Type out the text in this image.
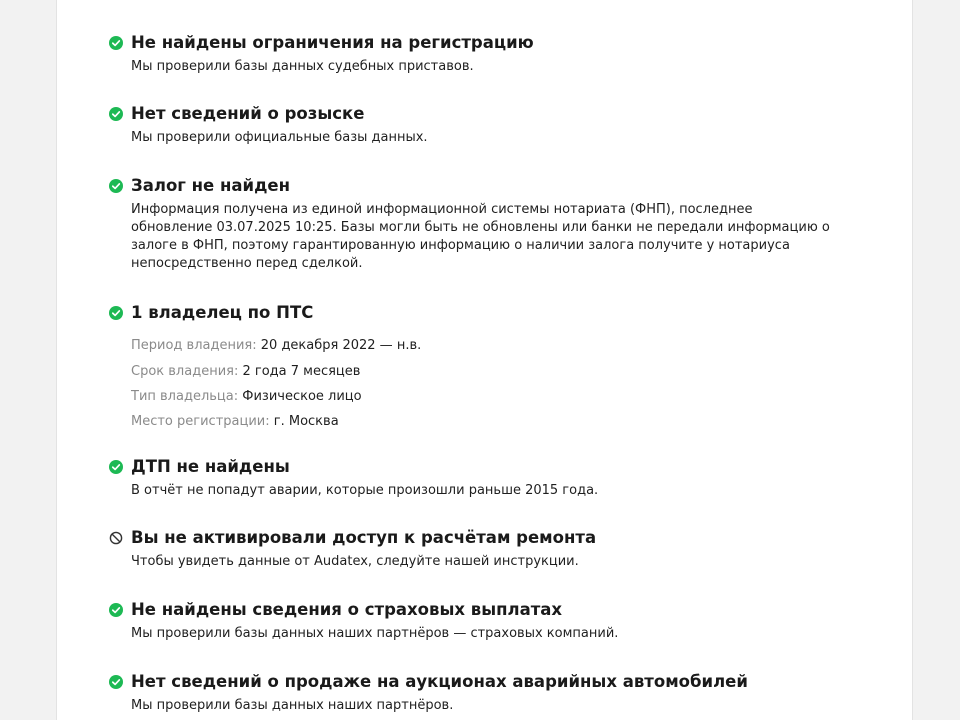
Не найдены ограничения на регистрацию
Мы проверили базы данных судебных приставов.
Нет сведений о розыске
Мы проверили официальные базы данных.
Залог не найден
Информация получена из единой информационной системы нотариата (ФНП), последнее обновление 03.07.2025 10:25. Базы могли быть не обновлены или банки не передали информацию о залоге в ФНП, поэтому гарантированную информацию о наличии залога получите у нотариуса непосредственно перед сделкой.
1 владелец по ПТС
Период владения: 20 декабря 2022 — н.в.
Срок владения: 2 года 7 месяцев
Тип владельца: Физическое лицо
Место регистрации: г. Москва
ДТП не найдены
В отчёт не попадут аварии, которые произошли раньше 2015 года.
Вы не активировали доступ к расчётам ремонта
Чтобы увидеть данные от Audatex, следуйте нашей инструкции.
Не найдены сведения о страховых выплатах
Мы проверили базы данных наших партнёров — страховых компаний.
Нет сведений о продаже на аукционах аварийных автомобилей
Мы проверили базы данных наших партнёров.
